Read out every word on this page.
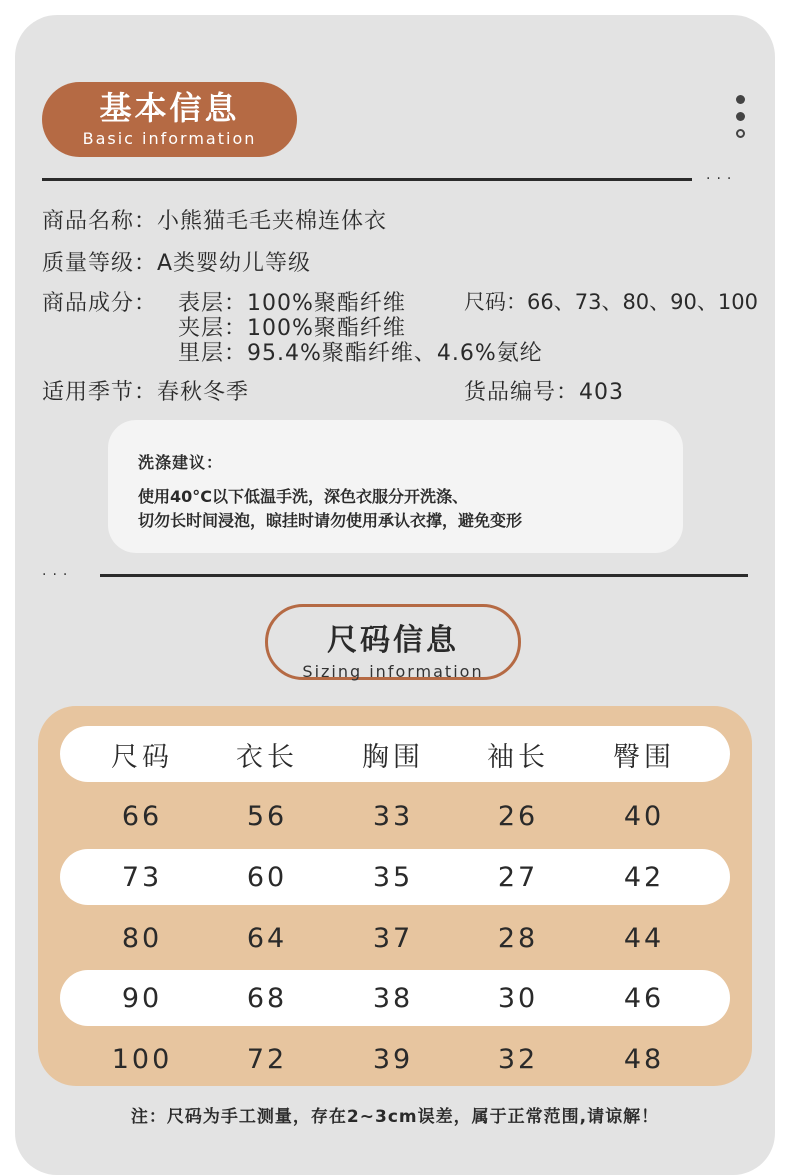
基本信息
Basic information
···
商品名称：小熊猫毛毛夹棉连体衣
质量等级：A类婴幼儿等级
商品成分： 表层：100%聚酯纤维	尺码：66、73、80、90、100
夹层：100%聚酯纤维
里层：95.4%聚酯纤维、4.6%氨纶
适用季节：春秋冬季	货品编号：403
洗涤建议：
使用40°C以下低温手洗，深色衣服分开洗涤、
切勿长时间浸泡，晾挂时请勿使用承认衣撑，避免变形
···
尺码信息
Sizing information
尺码	衣长	胸围	袖长	臀围
66	56	33	26	40
73	60	35	27	42
80	64	37	28	44
90	68	38	30	46
100	72	39	32	48
注：尺码为手工测量，存在2~3cm误差，属于正常范围,请谅解！
